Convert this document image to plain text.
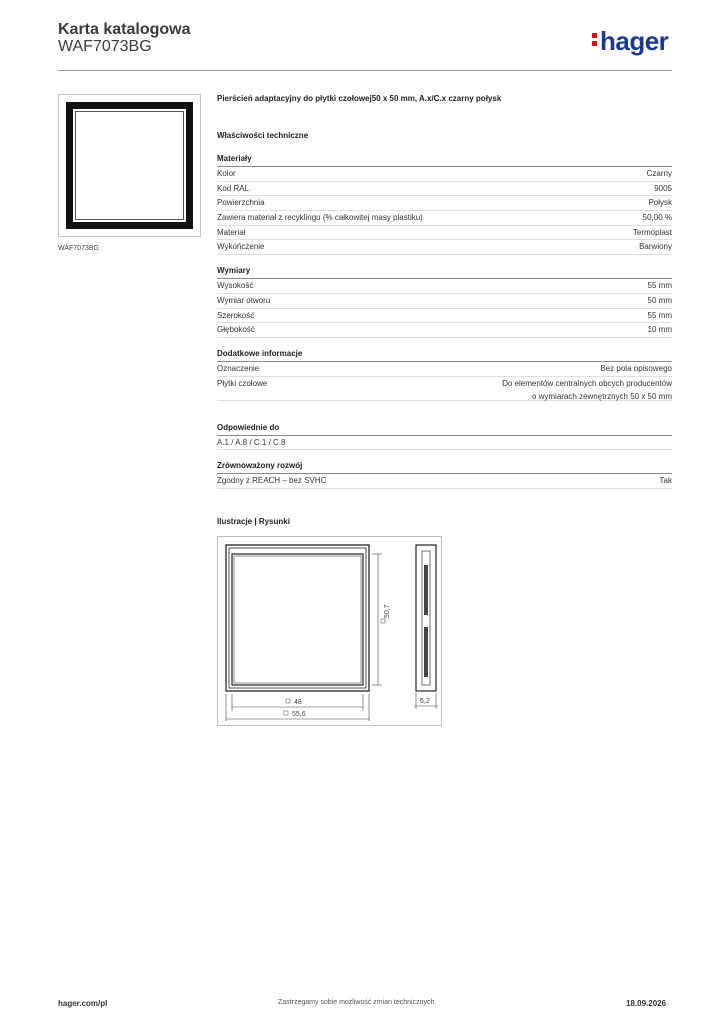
Karta katalogowa
WAF7073BG	hager
WAF7073BG
Pierścień adaptacyjny do płytki czołowej50 x 50 mm, A.x/C.x czarny połysk
Właściwości techniczne
Materiały
Kolor	Czarny
Kod RAL	9005
Powierzchnia	Połysk
Zawiera materiał z recyklingu (% całkowitej masy plastiku)	50,00 %
Materiał	Termoplast
Wykończenie	Barwiony
Wymiary
Wysokość	55 mm
Wymiar otworu	50 mm
Szerokość	55 mm
Głębokość	10 mm
Dodatkowe informacje
Oznaczenie	Bez pola opisowego
Płytki czołowe	Do elementów centralnych obcych producentów
o wymiarach zewnętrznych 50 x 50 mm
Odpowiednie do
A.1 / A.8 / C.1 / C.8
Zrównoważony rozwój
Zgodny z REACH – bez SVHC	Tak
Ilustracje | Rysunki
50,7
48
55,6
6,2
hager.com/pl	Zastrzegamy sobie możliwość zmian technicznych	18.09.2026
